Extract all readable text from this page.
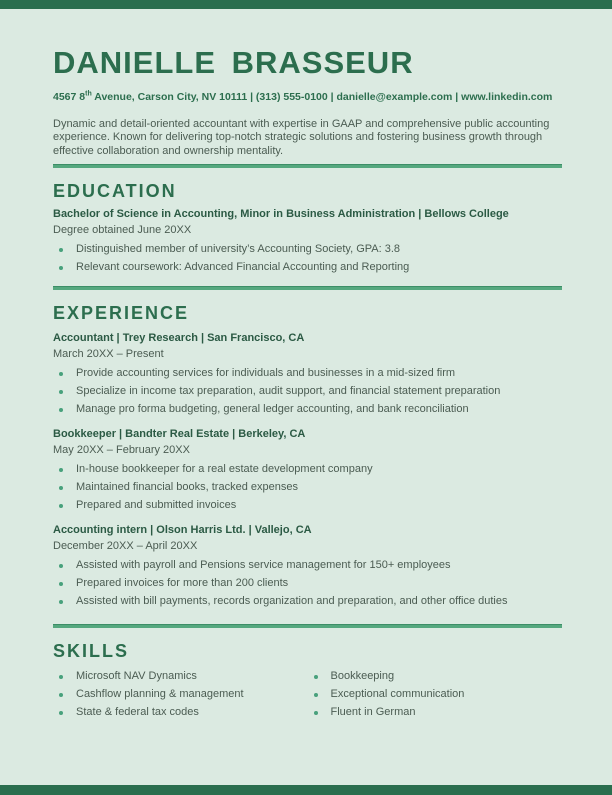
DANIELLE BRASSEUR

4567 8th Avenue, Carson City, NV 10111 | (313) 555-0100 | danielle@example.com | www.linkedin.com

Dynamic and detail-oriented accountant with expertise in GAAP and comprehensive public accounting experience. Known for delivering top-notch strategic solutions and fostering business growth through effective collaboration and ownership mentality.

EDUCATION

Bachelor of Science in Accounting, Minor in Business Administration | Bellows College

Degree obtained June 20XX

Distinguished member of university’s Accounting Society, GPA: 3.8
Relevant coursework: Advanced Financial Accounting and Reporting
EXPERIENCE

Accountant | Trey Research | San Francisco, CA

March 20XX – Present

Provide accounting services for individuals and businesses in a mid-sized firm
Specialize in income tax preparation, audit support, and financial statement preparation
Manage pro forma budgeting, general ledger accounting, and bank reconciliation

Bookkeeper | Bandter Real Estate | Berkeley, CA

May 20XX – February 20XX

In-house bookkeeper for a real estate development company
Maintained financial books, tracked expenses
Prepared and submitted invoices

Accounting intern | Olson Harris Ltd. | Vallejo, CA

December 20XX – April 20XX

Assisted with payroll and Pensions service management for 150+ employees
Prepared invoices for more than 200 clients
Assisted with bill payments, records organization and preparation, and other office duties
SKILLS
Microsoft NAV Dynamics
Cashflow planning & management
State & federal tax codes
Bookkeeping
Exceptional communication
Fluent in German
